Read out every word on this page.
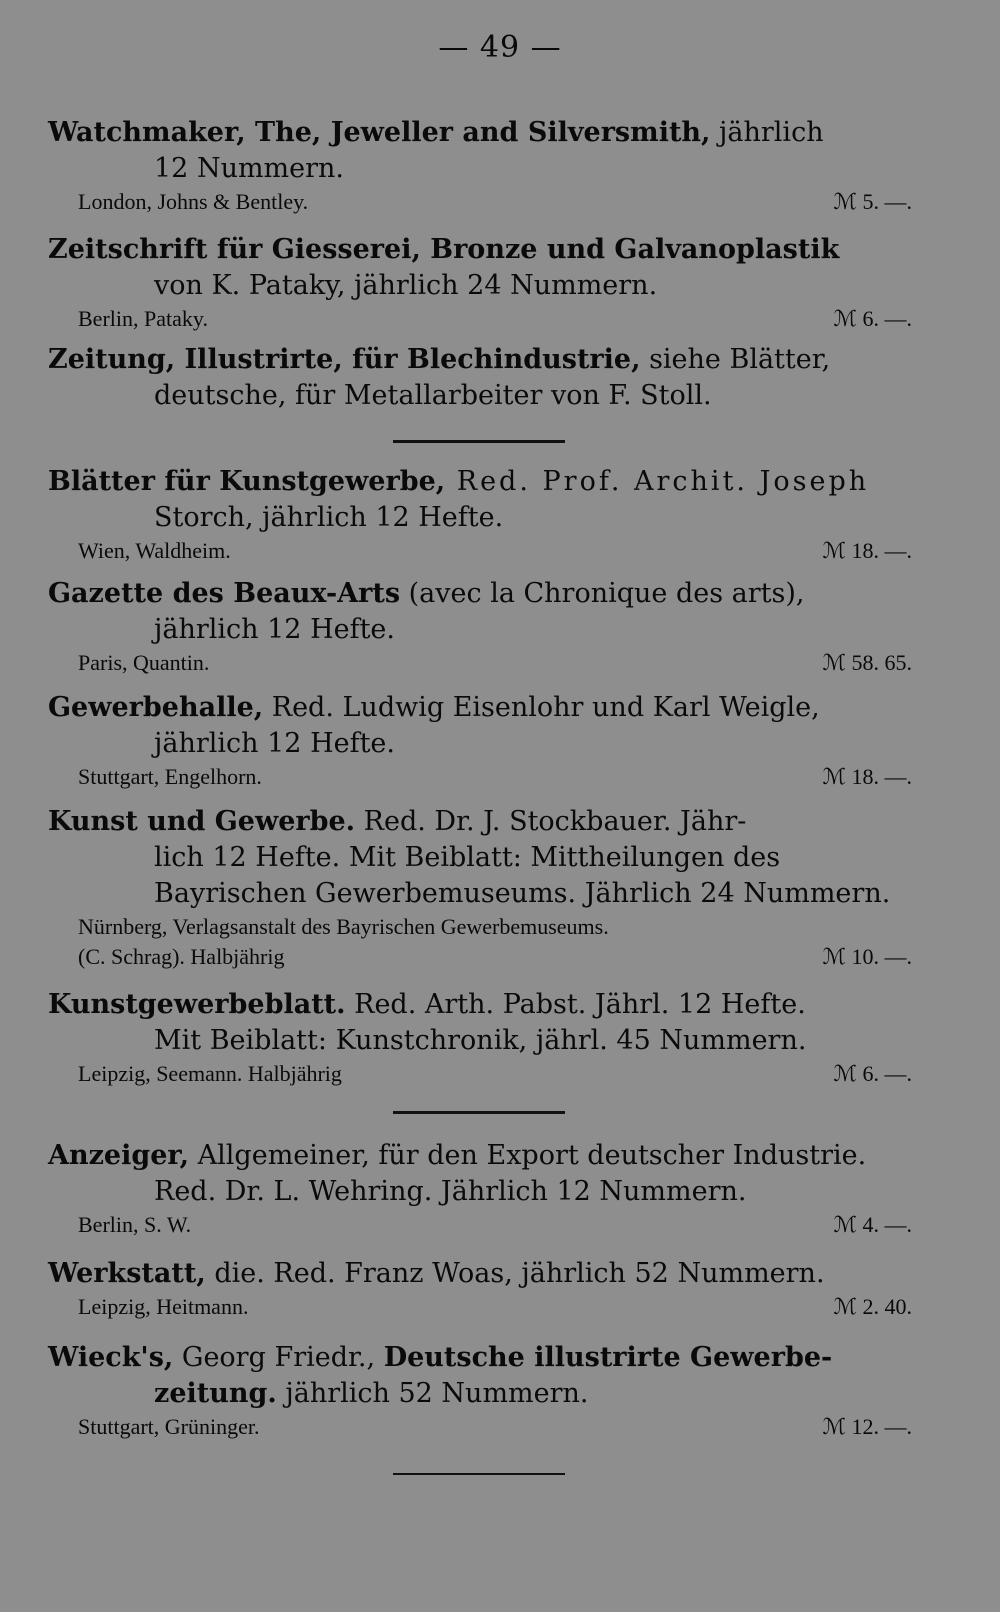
— 49 —

Watchmaker, The, Jeweller and Silversmith, jährlich

12 Nummern.

London, Johns & Bentley.	ℳ 5. —.

Zeitschrift für Giesserei, Bronze und Galvanoplastik

von K. Pataky, jährlich 24 Nummern.

Berlin, Pataky.	ℳ 6. —.

Zeitung, Illustrirte, für Blechindustrie, siehe Blätter,

deutsche, für Metallarbeiter von F. Stoll.

Blätter für Kunstgewerbe, Red. Prof. Archit. Joseph

Storch, jährlich 12 Hefte.

Wien, Waldheim.	ℳ 18. —.

Gazette des Beaux-Arts (avec la Chronique des arts),

jährlich 12 Hefte.

Paris, Quantin.	ℳ 58. 65.

Gewerbehalle, Red. Ludwig Eisenlohr und Karl Weigle,

jährlich 12 Hefte.

Stuttgart, Engelhorn.	ℳ 18. —.

Kunst und Gewerbe. Red. Dr. J. Stockbauer. Jähr-

lich 12 Hefte. Mit Beiblatt: Mittheilungen des

Bayrischen Gewerbemuseums. Jährlich 24 Nummern.

Nürnberg, Verlagsanstalt des Bayrischen Gewerbemuseums.
(C. Schrag). Halbjährig	ℳ 10. —.

Kunstgewerbeblatt. Red. Arth. Pabst. Jährl. 12 Hefte.

Mit Beiblatt: Kunstchronik, jährl. 45 Nummern.

Leipzig, Seemann. Halbjährig	ℳ 6. —.

Anzeiger, Allgemeiner, für den Export deutscher Industrie.

Red. Dr. L. Wehring. Jährlich 12 Nummern.

Berlin, S. W.	ℳ 4. —.

Werkstatt, die. Red. Franz Woas, jährlich 52 Nummern.

Leipzig, Heitmann.	ℳ 2. 40.

Wieck's, Georg Friedr., Deutsche illustrirte Gewerbe-

zeitung. jährlich 52 Nummern.

Stuttgart, Grüninger.	ℳ 12. —.
